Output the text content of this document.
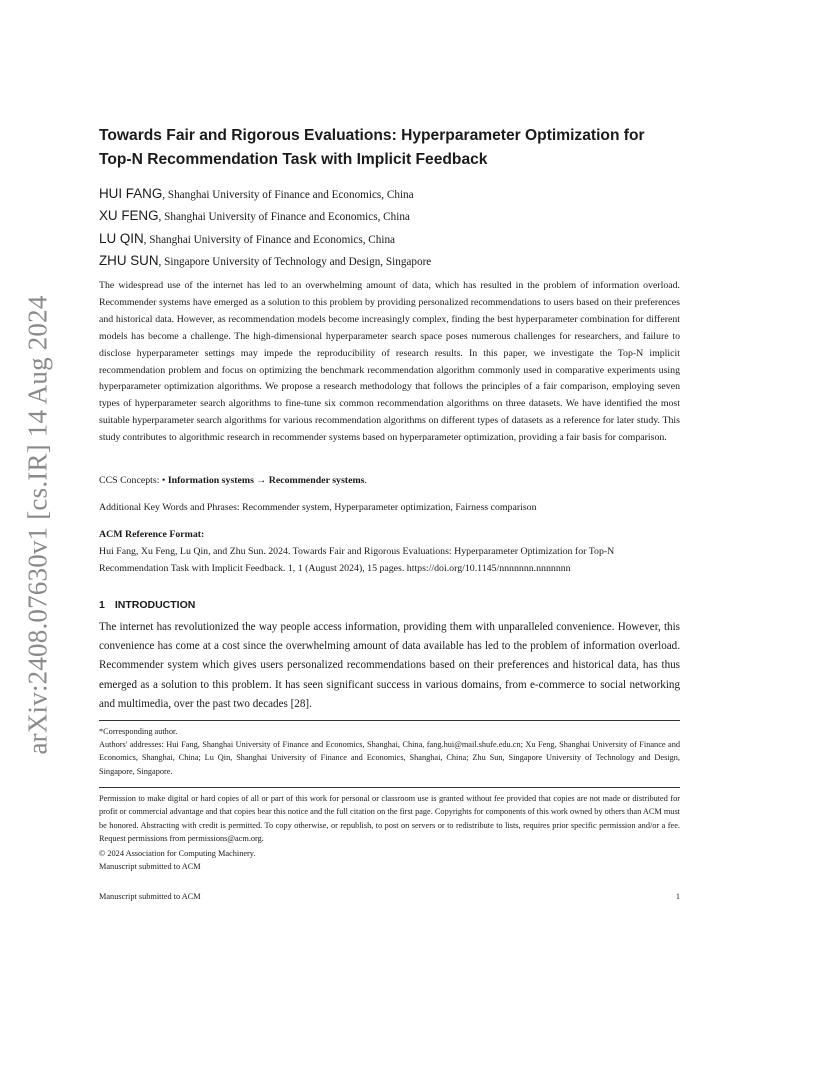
arXiv:2408.07630v1 [cs.IR] 14 Aug 2024
Towards Fair and Rigorous Evaluations: Hyperparameter Optimization for Top-N Recommendation Task with Implicit Feedback
HUI FANG, Shanghai University of Finance and Economics, China
XU FENG, Shanghai University of Finance and Economics, China
LU QIN, Shanghai University of Finance and Economics, China
ZHU SUN, Singapore University of Technology and Design, Singapore

The widespread use of the internet has led to an overwhelming amount of data, which has resulted in the problem of information overload. Recommender systems have emerged as a solution to this problem by providing personalized recommendations to users based on their preferences and historical data. However, as recommendation models become increasingly complex, finding the best hyperparameter combination for different models has become a challenge. The high-dimensional hyperparameter search space poses numerous challenges for researchers, and failure to disclose hyperparameter settings may impede the reproducibility of research results. In this paper, we investigate the Top-N implicit recommendation problem and focus on optimizing the benchmark recommendation algorithm commonly used in comparative experiments using hyperparameter optimization algorithms. We propose a research methodology that follows the principles of a fair comparison, employing seven types of hyperparameter search algorithms to fine-tune six common recommendation algorithms on three datasets. We have identified the most suitable hyperparameter search algorithms for various recommendation algorithms on different types of datasets as a reference for later study. This study contributes to algorithmic research in recommender systems based on hyperparameter optimization, providing a fair basis for comparison.

CCS Concepts: • Information systems → Recommender systems.
Additional Key Words and Phrases: Recommender system, Hyperparameter optimization, Fairness comparison
ACM Reference Format:

Hui Fang, Xu Feng, Lu Qin, and Zhu Sun. 2024. Towards Fair and Rigorous Evaluations: Hyperparameter Optimization for Top-N Recommendation Task with Implicit Feedback. 1, 1 (August 2024), 15 pages. https://doi.org/10.1145/nnnnnnn.nnnnnnn

1 INTRODUCTION

The internet has revolutionized the way people access information, providing them with unparalleled convenience. However, this convenience has come at a cost since the overwhelming amount of data available has led to the problem of information overload. Recommender system which gives users personalized recommendations based on their preferences and historical data, has thus emerged as a solution to this problem. It has seen significant success in various domains, from e-commerce to social networking and multimedia, over the past two decades [28].

*Corresponding author.

Authors' addresses: Hui Fang, Shanghai University of Finance and Economics, Shanghai, China, fang.hui@mail.shufe.edu.cn; Xu Feng, Shanghai University of Finance and Economics, Shanghai, China; Lu Qin, Shanghai University of Finance and Economics, Shanghai, China; Zhu Sun, Singapore University of Technology and Design, Singapore, Singapore.

Permission to make digital or hard copies of all or part of this work for personal or classroom use is granted without fee provided that copies are not made or distributed for profit or commercial advantage and that copies bear this notice and the full citation on the first page. Copyrights for components of this work owned by others than ACM must be honored. Abstracting with credit is permitted. To copy otherwise, or republish, to post on servers or to redistribute to lists, requires prior specific permission and/or a fee. Request permissions from permissions@acm.org.

© 2024 Association for Computing Machinery.
Manuscript submitted to ACM
Manuscript submitted to ACM	1
